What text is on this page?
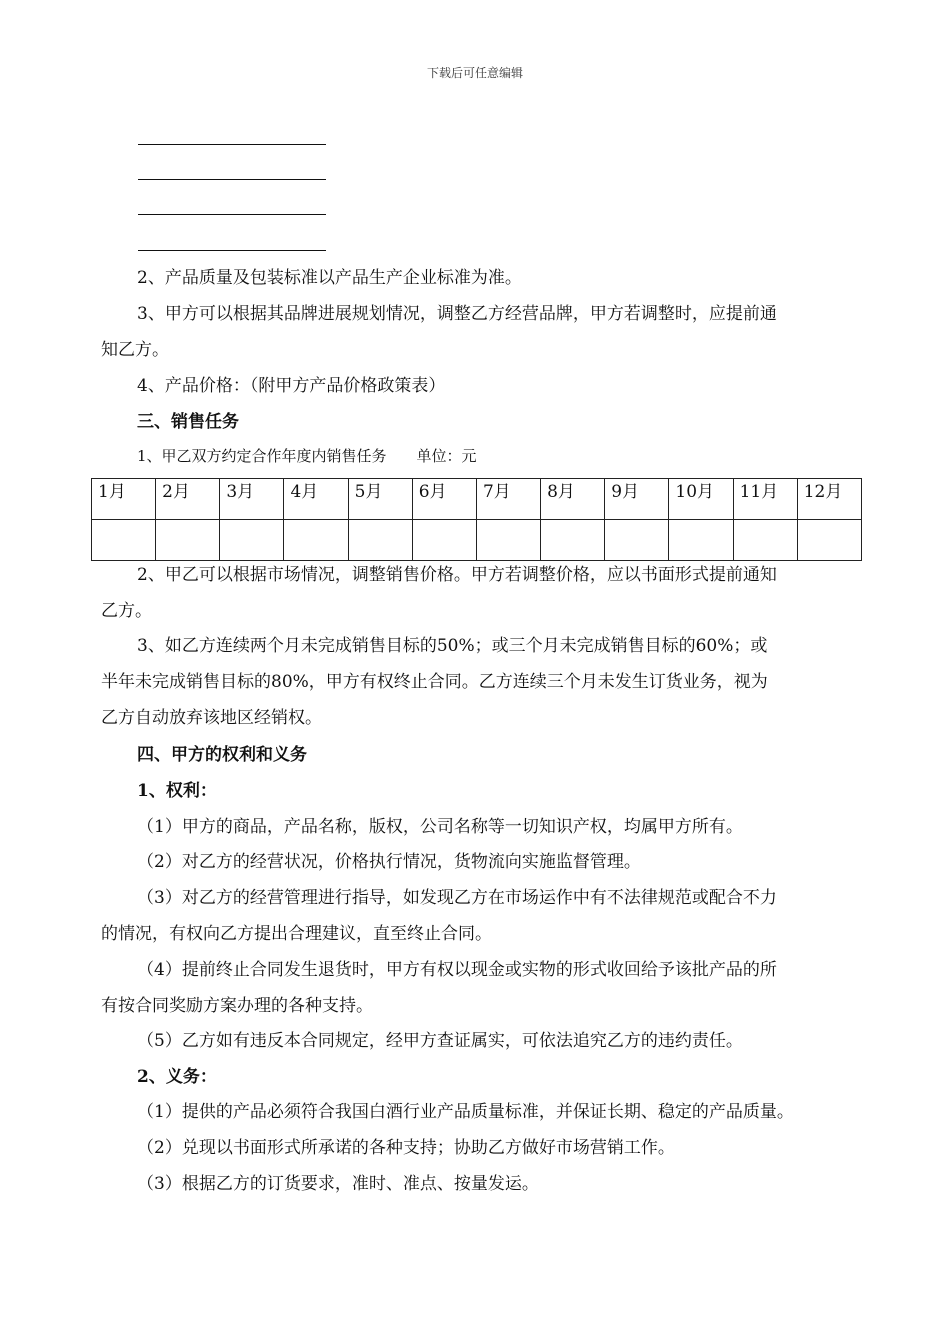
下载后可任意编辑

2、产品质量及包装标准以产品生产企业标准为准。

3、甲方可以根据其品牌进展规划情况，调整乙方经营品牌，甲方若调整时，应提前通

知乙方。

4、产品价格：（附甲方产品价格政策表）

三、销售任务

1、甲乙双方约定合作年度内销售任务　　单位：元

1月	2月	3月	4月	5月	6月	7月	8月	9月	10月	11月	12月

2、甲乙可以根据市场情况，调整销售价格。甲方若调整价格，应以书面形式提前通知

乙方。

3、如乙方连续两个月未完成销售目标的50%；或三个月未完成销售目标的60%；或

半年未完成销售目标的80%，甲方有权终止合同。乙方连续三个月未发生订货业务，视为

乙方自动放弃该地区经销权。

四、甲方的权利和义务

1、权利：

（1）甲方的商品，产品名称，版权，公司名称等一切知识产权，均属甲方所有。

（2）对乙方的经营状况，价格执行情况，货物流向实施监督管理。

（3）对乙方的经营管理进行指导，如发现乙方在市场运作中有不法律规范或配合不力

的情况，有权向乙方提出合理建议，直至终止合同。

（4）提前终止合同发生退货时，甲方有权以现金或实物的形式收回给予该批产品的所

有按合同奖励方案办理的各种支持。

（5）乙方如有违反本合同规定，经甲方查证属实，可依法追究乙方的违约责任。

2、义务：

（1）提供的产品必须符合我国白酒行业产品质量标准，并保证长期、稳定的产品质量。

（2）兑现以书面形式所承诺的各种支持；协助乙方做好市场营销工作。

（3）根据乙方的订货要求，准时、准点、按量发运。
